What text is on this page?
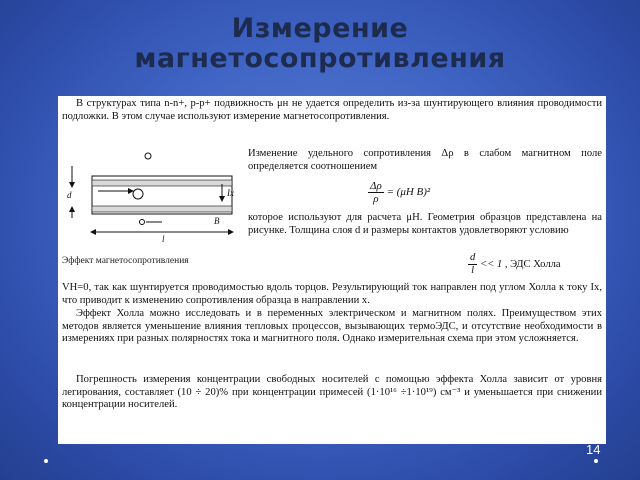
Измерение
магнетосопротивления

В структурах типа n-n+, p-p+ подвижность μн не удается определить из-за шунтирующего влияния проводимости подложки. В этом случае используют измерение магнетосопротивления.

d	Ix
B
l
Эффект магнетосопротивления

Изменение удельного сопротивления Δρ в слабом магнитном поле определяется соотношением

$\frac{\Delta\rho}{\rho} = (\mu H$ B)²

которое используют для расчета μH. Геометрия образцов представлена на рисунке. Толщина слоя d и размеры контактов удовлетворяют условию

$\frac{d}{l} << 1$ , ЭДС Холла

VH=0, так как шунтируется проводимостью вдоль торцов. Результирующий ток направлен под углом Холла к току Ix, что приводит к изменению сопротивления образца в направлении x.

Эффект Холла можно исследовать и в переменных электрическом и магнитном полях. Преимуществом этих методов является уменьшение влияния тепловых процессов, вызывающих термоЭДС, и отсутствие необходимости в измерениях при разных полярностях тока и магнитного поля. Однако измерительная схема при этом усложняется.

Погрешность измерения концентрации свободных носителей с помощью эффекта Холла зависит от уровня легирования, составляет (10 ÷ 20)% при концентрации примесей (1·10¹⁶ ÷1·10¹⁹) см⁻³ и уменьшается при снижении концентрации носителей.

14
